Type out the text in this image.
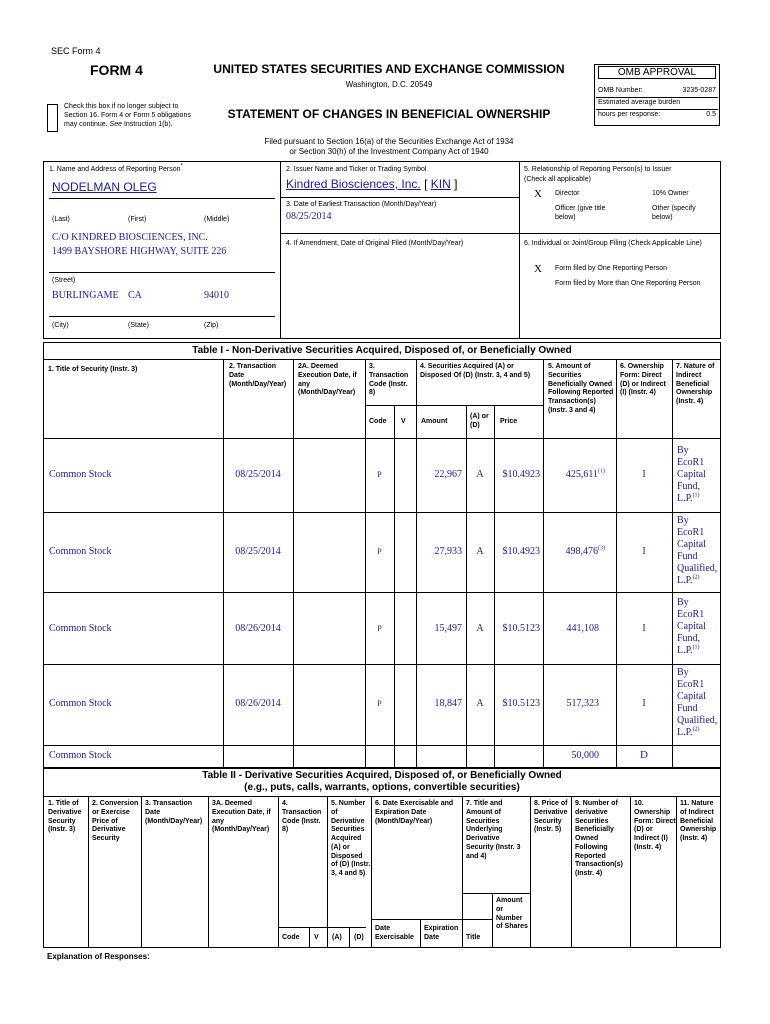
SEC Form 4
FORM 4	UNITED STATES SECURITIES AND EXCHANGE COMMISSION
Washington, D.C. 20549
Check this box if no longer subject to Section 16. Form 4 or Form 5 obligations may continue. See Instruction 1(b).
STATEMENT OF CHANGES IN BENEFICIAL OWNERSHIP
Filed pursuant to Section 16(a) of the Securities Exchange Act of 1934
or Section 30(h) of the Investment Company Act of 1940
OMB APPROVAL
OMB Number:	3235-0287
Estimated average burden
hours per response:	0.5
1. Name and Address of Reporting Person*
NODELMAN OLEG
(Last)	(First)	(Middle)
C/O KINDRED BIOSCIENCES, INC.
1499 BAYSHORE HIGHWAY, SUITE 226
(Street)
BURLINGAME CA	94010
(City)	(State)	(Zip)
2. Issuer Name and Ticker or Trading Symbol
Kindred Biosciences, Inc. [ KIN ]
3. Date of Earliest Transaction (Month/Day/Year)
08/25/2014
4. If Amendment, Date of Original Filed (Month/Day/Year)
5. Relationship of Reporting Person(s) to Issuer
(Check all applicable)
X Director	10% Owner
Officer (give title below)
Other (specify below)
6. Individual or Joint/Group Filing (Check Applicable Line)
X Form filed by One Reporting Person
Form filed by More than One Reporting Person
Table I - Non-Derivative Securities Acquired, Disposed of, or Beneficially Owned
1. Title of Security (Instr. 3)	2. Transaction Date (Month/Day/Year)
2A. Deemed Execution Date, if any (Month/Day/Year)
3. Transaction Code (Instr. 8)
4. Securities Acquired (A) or Disposed Of (D) (Instr. 3, 4 and 5)
5. Amount of Securities Beneficially Owned Following Reported Transaction(s) (Instr. 3 and 4)
6. Ownership Form: Direct (D) or Indirect (I) (Instr. 4)
7. Nature of Indirect Beneficial Ownership (Instr. 4)
Code V Amount
(A) or (D)
Price
Common Stock	08/25/2014	P	22,967	A	$10.4923	425,611$^{(1)}$	I
By
EcoR1
Capital
Fund,
L.P.$^{(1)}$
Common Stock	08/25/2014	P	27,933	A	$10.4923	498,476$^{(3)}$	I
By
EcoR1
Capital
Fund
Qualified,
L.P.$^{(2)}$
Common Stock	08/26/2014	P	15,497	A	$10.5123	441,108	I
By
EcoR1
Capital
Fund,
L.P.$^{(1)}$
Common Stock	08/26/2014	P	18,847	A	$10.5123	517,323	I
By
EcoR1
Capital
Fund
Qualified,
L.P.$^{(2)}$
Common Stock	50,000	D
Table II - Derivative Securities Acquired, Disposed of, or Beneficially Owned
(e.g., puts, calls, warrants, options, convertible securities)
1. Title of Derivative Security (Instr. 3)
2. Conversion or Exercise Price of Derivative Security
3. Transaction Date (Month/Day/Year)
3A. Deemed Execution Date, if any (Month/Day/Year)
4. Transaction Code (Instr. 8)
5. Number of Derivative Securities Acquired (A) or Disposed of (D) (Instr. 3, 4 and 5)
6. Date Exercisable and Expiration Date (Month/Day/Year)
7. Title and Amount of Securities Underlying Derivative Security (Instr. 3 and 4)
8. Price of Derivative Security (Instr. 5)
9. Number of derivative Securities Beneficially Owned Following Reported Transaction(s) (Instr. 4)
10. Ownership Form: Direct (D) or Indirect (I) (Instr. 4)
11. Nature of Indirect Beneficial Ownership (Instr. 4)
Code V (A) (D)
Date Exercisable
Expiration Date	Title
Amount or Number of Shares
Explanation of Responses:
